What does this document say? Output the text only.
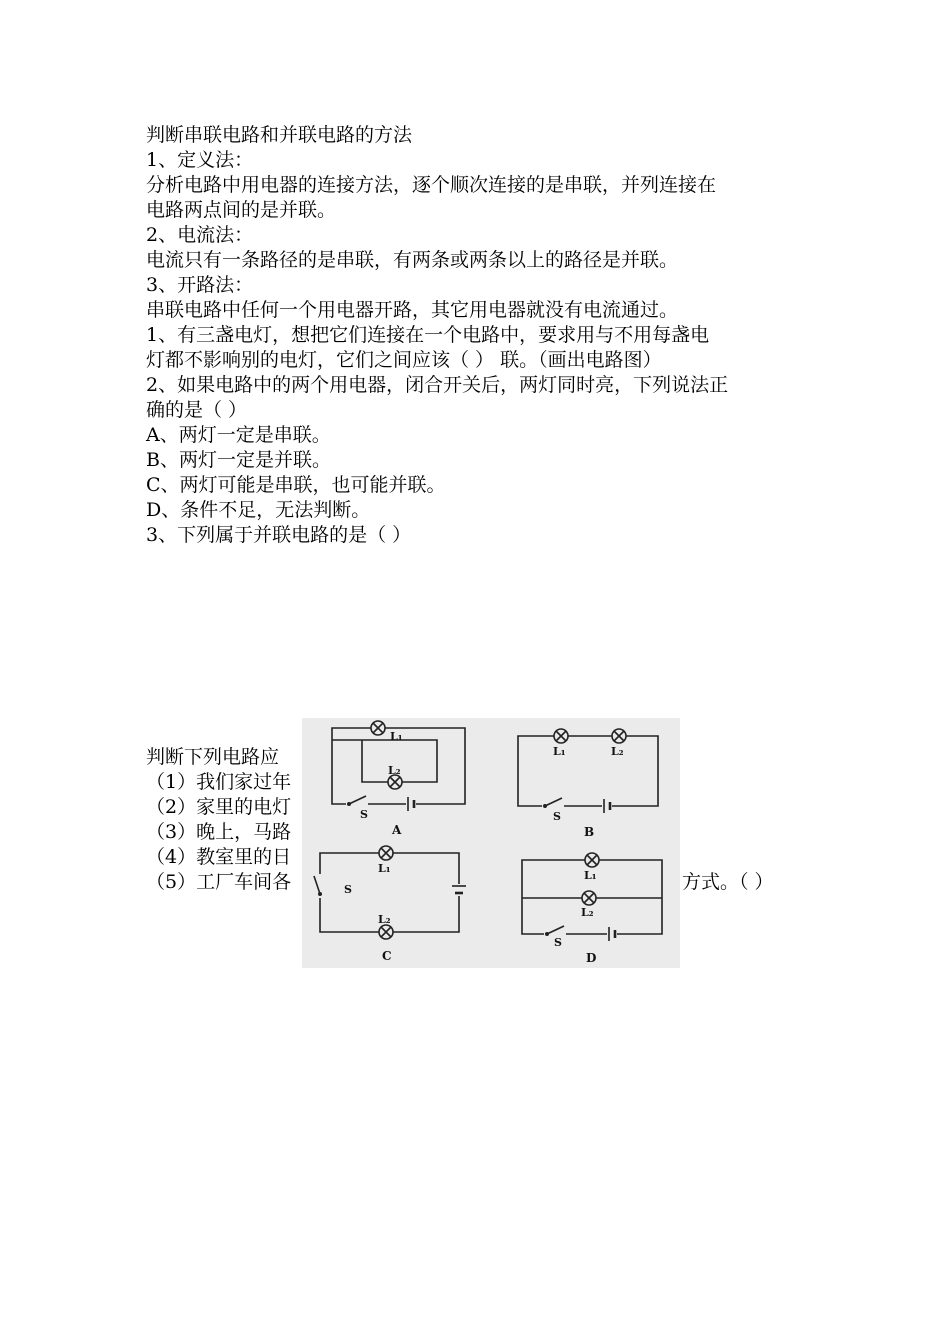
判断串联电路和并联电路的方法
1、定义法：
分析电路中用电器的连接方法，逐个顺次连接的是串联，并列连接在
电路两点间的是并联。
2、电流法：
电流只有一条路径的是串联，有两条或两条以上的路径是并联。
3、开路法：
串联电路中任何一个用电器开路，其它用电器就没有电流通过。
1、有三盏电灯，想把它们连接在一个电路中，要求用与不用每盏电
灯都不影响别的电灯，它们之间应该（ ） 联。（画出电路图）
2、如果电路中的两个用电器，闭合开关后，两灯同时亮，下列说法正
确的是（ ）
A、两灯一定是串联。
B、两灯一定是并联。
C、两灯可能是串联，也可能并联。
D、条件不足，无法判断。
3、下列属于并联电路的是（ ）
判断下列电路应
（1）我们家过年
（2）家里的电灯
（3）晚上，马路
（4）教室里的日
（5）工厂车间各	方式。（ ）
L₁
L₂
S
A
L₁	L₂
S
B
L₁
L₂
S
C
L₁
L₂
S
D
